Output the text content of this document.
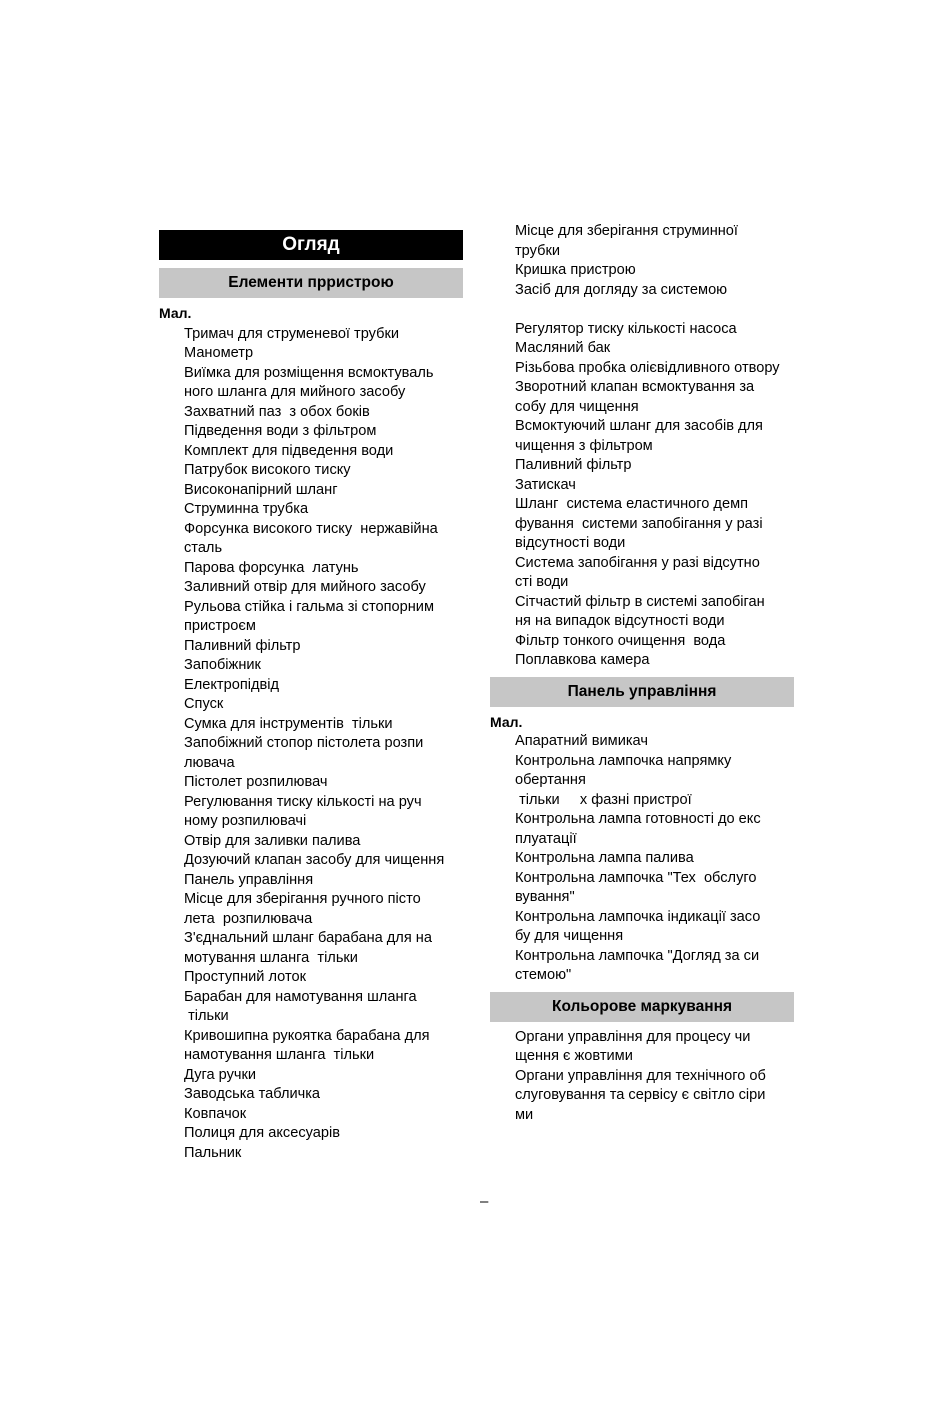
Огляд
Елементи прристрою
Мал.
Тримач для струменевої трубки
Манометр
Виїмка для розміщення всмоктуваль
ного шланга для мийного засобу
Захватний паз  з обох боків
Підведення води з фільтром
Комплект для підведення води
Патрубок високого тиску
Висoконапірний шланг
Струминна трубка
Форсунка високого тиску  нержавійна
сталь
Парова форсунка  латунь
Заливний отвір для мийного засобу
Рульова стійка і гальма зі стопорним
пристроєм
Паливний фільтр
Запобіжник
Електропідвід
Спуск
Сумка для інструментів  тільки
Запобіжний стопор пістолета розпи
лювача
Пістолет розпилювач
Регулювання тиску кількості на руч
ному розпилювачі
Отвір для заливки палива
Дозуючий клапан засобу для чищення
Панель управління
Місце для зберігання ручного пісто
лета  розпилювача
З'єднальний шланг барабана для на
мотування шланга  тільки
Проступний лоток
Барабан для намотування шланга
тільки
Кривошипна рукоятка барабана для
намотування шланга  тільки
Дуга ручки
Заводська табличка
Ковпачок
Полиця для аксесуарів
Пальник
Місце для зберігання струминної
трубки
Кришка пристрою
Засіб для догляду за системою
Регулятор тиску кількості насоса
Масляний бак
Різьбова пробка олієвідливного отвору
Зворотний клапан всмоктування за
собу для чищення
Всмоктуючий шланг для засобів для
чищення з фільтром
Паливний фільтр
Затискач
Шланг  система еластичного демп
фування  системи запобігання у разі
відсутності води
Система запобігання у разі відсутно
сті води
Сітчастий фільтр в системі запобіган
ня на випадок відсутності води
Фільтр тонкого очищення  вода
Поплавкова камера
Панель управління
Мал.
Апаратний вимикач
Контрольна лампочка напрямку
обертання
тільки     х фазні пристрої
Контрольна лампа готовності до екс
плуатації
Контрольна лампа палива
Контрольна лампочка "Тех  обслуго
вування"
Контрольна лампочка індикації засо
бу для чищення
Контрольна лампочка "Догляд за си
стемою"
Кольорове маркування
Органи управління для процесу чи
щення є жовтими
Органи управління для технічного об
слуговування та сервісу є світло сіри
ми
–
